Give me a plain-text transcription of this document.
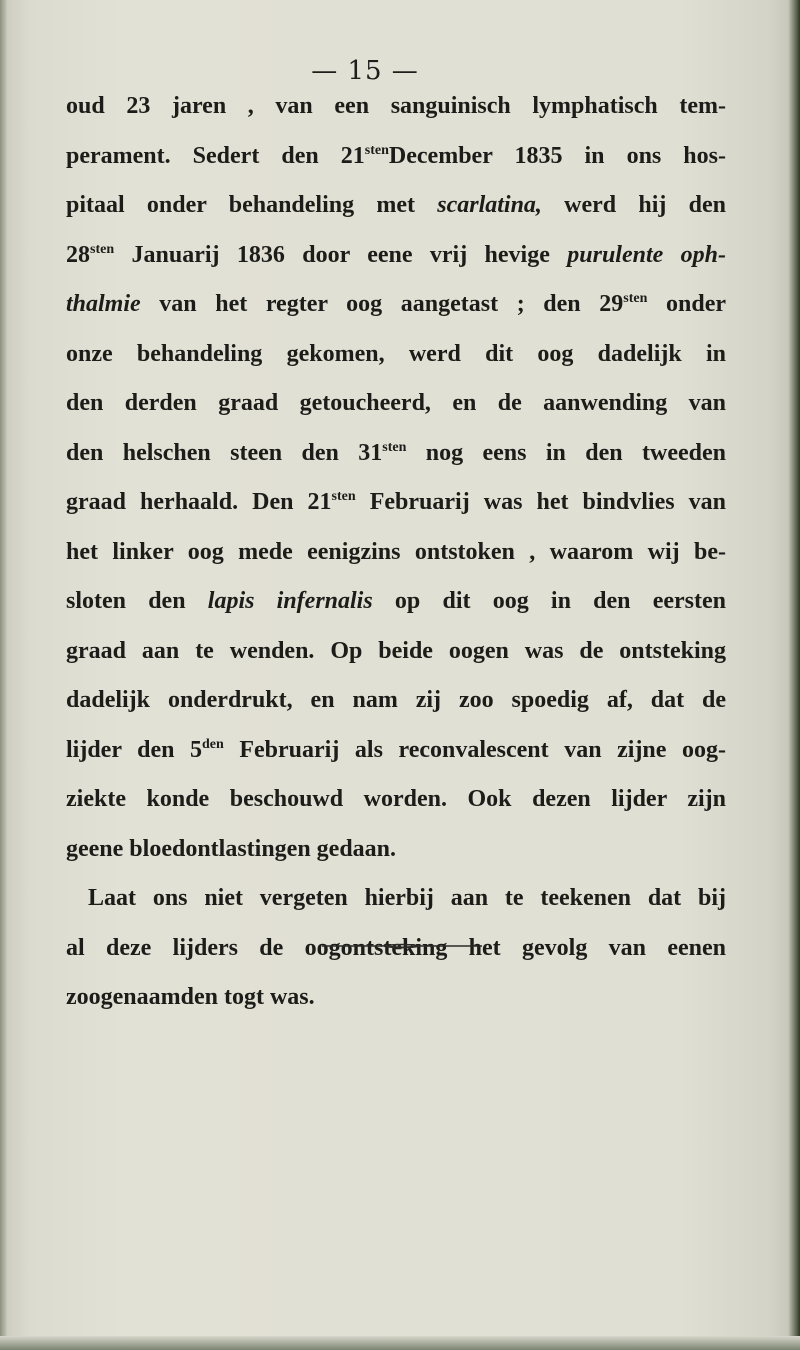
— 15 —
oud 23 jaren , van een sanguinisch lymphatisch tem-
perament. Sedert den $21^{sten}December$ 1835 in ons hos-
pitaal onder behandeling met scarlatina, werd hij den
$28^{sten}$ Januarij 1836 door eene vrij hevige purulente oph-
thalmie van het regter oog aangetast ; den $29^{sten}$ onder
onze behandeling gekomen, werd dit oog dadelijk in
den derden graad getoucheerd, en de aanwending van
den helschen steen den $31^{sten}$ nog eens in den tweeden
graad herhaald. Den $21^{sten}$ Februarij was het bindvlies van
het linker oog mede eenigzins ontstoken , waarom wij be-
sloten den lapis infernalis op dit oog in den eersten
graad aan te wenden. Op beide oogen was de ontsteking
dadelijk onderdrukt, en nam zij zoo spoedig af, dat de
lijder den $5^{den}$ Februarij als reconvalescent van zijne oog-
ziekte konde beschouwd worden. Ook dezen lijder zijn
geene bloedontlastingen gedaan.
Laat ons niet vergeten hierbij aan te teekenen dat bij
al deze lijders de oogontsteking het gevolg van eenen
zoogenaamden togt was.
